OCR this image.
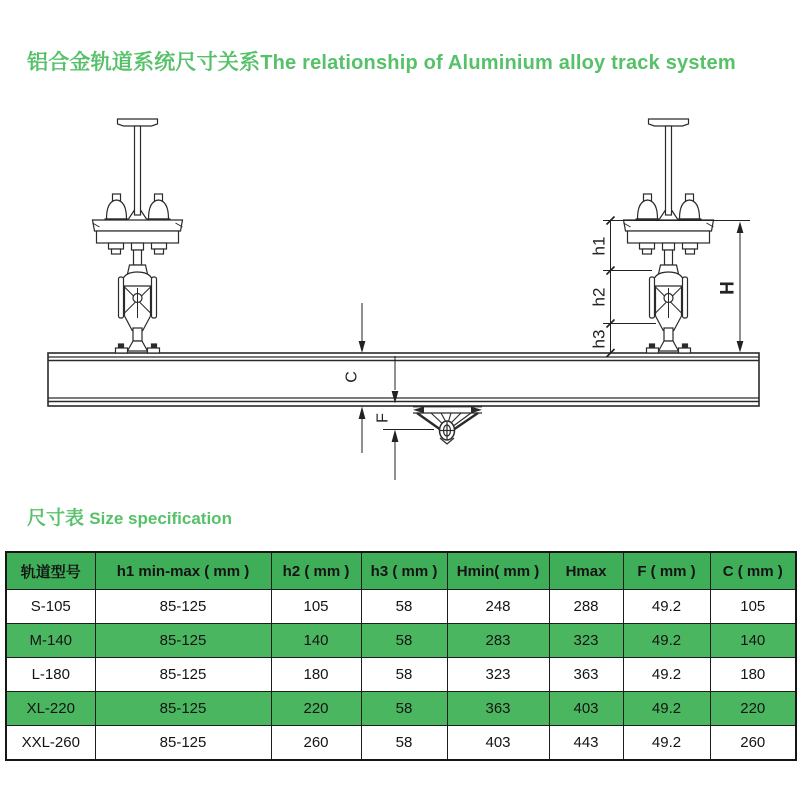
铝合金轨道系统尺寸关系The relationship of Aluminium alloy track system
h1
h2
h3
H
C
F
尺寸表 Size specification
轨道型号	h1 min-max ( mm )	h2 ( mm )	h3 ( mm )	Hmin( mm )	Hmax	F ( mm )	C ( mm )
S-105	85-125	105	58	248	288	49.2	105
M-140	85-125	140	58	283	323	49.2	140
L-180	85-125	180	58	323	363	49.2	180
XL-220	85-125	220	58	363	403	49.2	220
XXL-260	85-125	260	58	403	443	49.2	260
